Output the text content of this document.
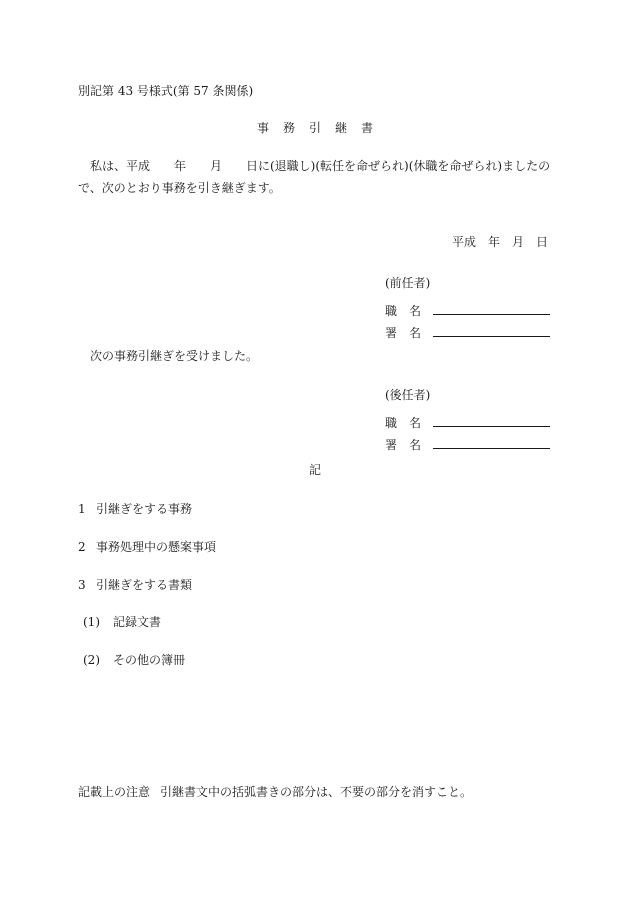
別記第 43 号様式(第 57 条関係)
事 務 引 継 書
私は、平成　　年　　月　　日に(退職し)(転任を命ぜられ)(休職を命ぜられ)ましたの
で、次のとおり事務を引き継ぎます。
平成　年　月　日
(前任者)
職　名
署　名
次の事務引継ぎを受けました。
(後任者)
職　名
署　名
記
1 引継ぎをする事務
2 事務処理中の懸案事項
3 引継ぎをする書類
(1) 記録文書
(2) その他の簿冊
記載上の注意 引継書文中の括弧書きの部分は、不要の部分を消すこと。
